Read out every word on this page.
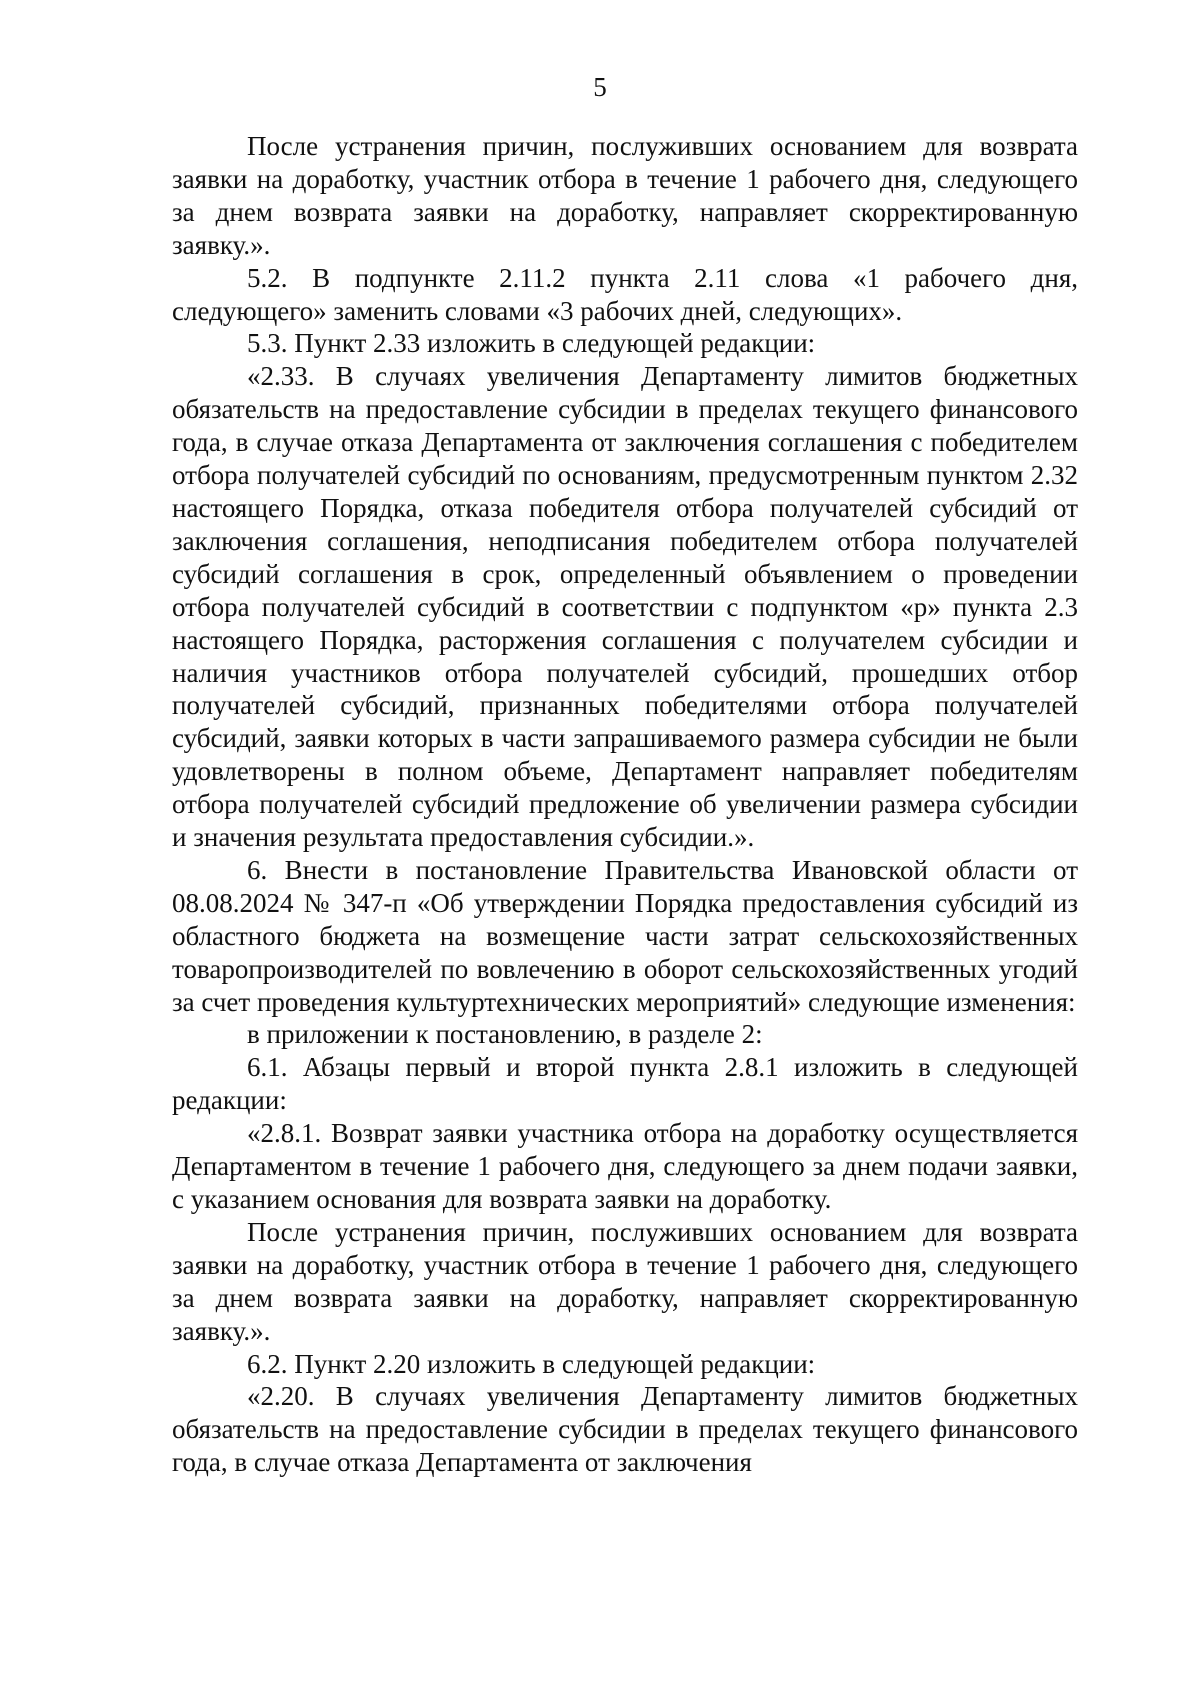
5

После устранения причин, послуживших основанием для возврата заявки на доработку, участник отбора в течение 1 рабочего дня, следующего за днем возврата заявки на доработку, направляет скорректированную заявку.».

5.2. В подпункте 2.11.2 пункта 2.11 слова «1 рабочего дня, следующего» заменить словами «3 рабочих дней, следующих».

5.3. Пункт 2.33 изложить в следующей редакции:

«2.33. В случаях увеличения Департаменту лимитов бюджетных обязательств на предоставление субсидии в пределах текущего финансового года, в случае отказа Департамента от заключения соглашения с победителем отбора получателей субсидий по основаниям, предусмотренным пунктом 2.32 настоящего Порядка, отказа победителя отбора получателей субсидий от заключения соглашения, неподписания победителем отбора получателей субсидий соглашения в срок, определенный объявлением о проведении отбора получателей субсидий в соответствии с подпунктом «р» пункта 2.3 настоящего Порядка, расторжения соглашения с получателем субсидии и наличия участников отбора получателей субсидий, прошедших отбор получателей субсидий, признанных победителями отбора получателей субсидий, заявки которых в части запрашиваемого размера субсидии не были удовлетворены в полном объеме, Департамент направляет победителям отбора получателей субсидий предложение об увеличении размера субсидии и значения результата предоставления субсидии.».

6. Внести в постановление Правительства Ивановской области от 08.08.2024 № 347-п «Об утверждении Порядка предоставления субсидий из областного бюджета на возмещение части затрат сельскохозяйственных товаропроизводителей по вовлечению в оборот сельскохозяйственных угодий за счет проведения культуртехнических мероприятий» следующие изменения:

в приложении к постановлению, в разделе 2:

6.1. Абзацы первый и второй пункта 2.8.1 изложить в следующей редакции:

«2.8.1. Возврат заявки участника отбора на доработку осуществляется Департаментом в течение 1 рабочего дня, следующего за днем подачи заявки, с указанием основания для возврата заявки на доработку.

После устранения причин, послуживших основанием для возврата заявки на доработку, участник отбора в течение 1 рабочего дня, следующего за днем возврата заявки на доработку, направляет скорректированную заявку.».

6.2. Пункт 2.20 изложить в следующей редакции:

«2.20. В случаях увеличения Департаменту лимитов бюджетных обязательств на предоставление субсидии в пределах текущего финансового года, в случае отказа Департамента от заключения
